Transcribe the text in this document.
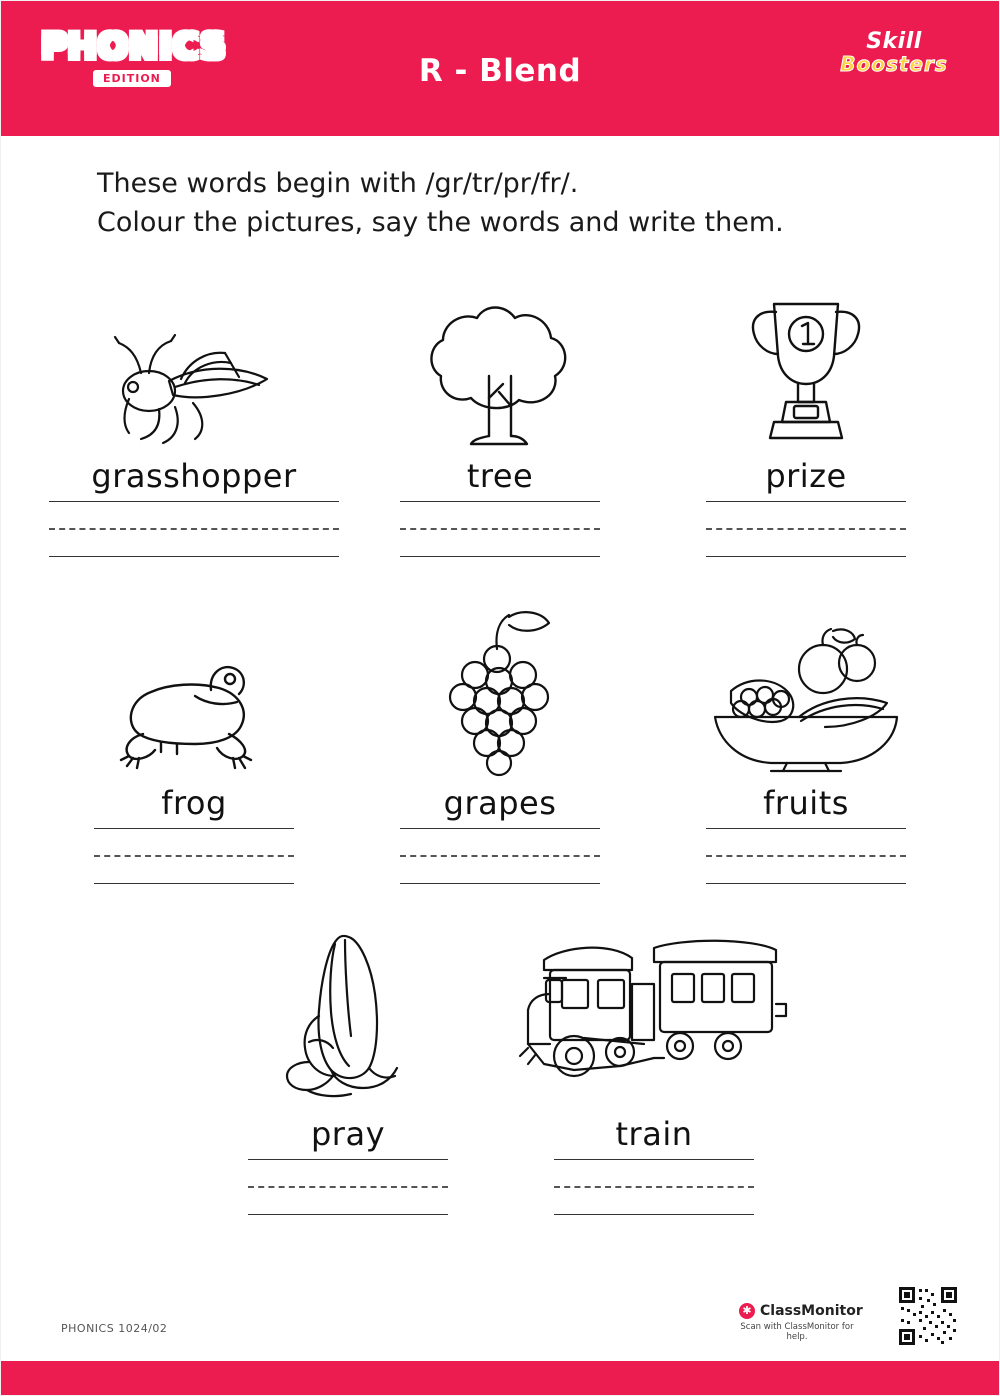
PHONICS
EDITION	R - Blend
Skill
Boosters
These words begin with /gr/tr/pr/fr/.
Colour the pictures, say the words and write them.
grasshopper	tree	prize
frog	grapes	fruits
pray	train
PHONICS 1024/02
✱ ClassMonitor
Scan with ClassMonitor for help.
